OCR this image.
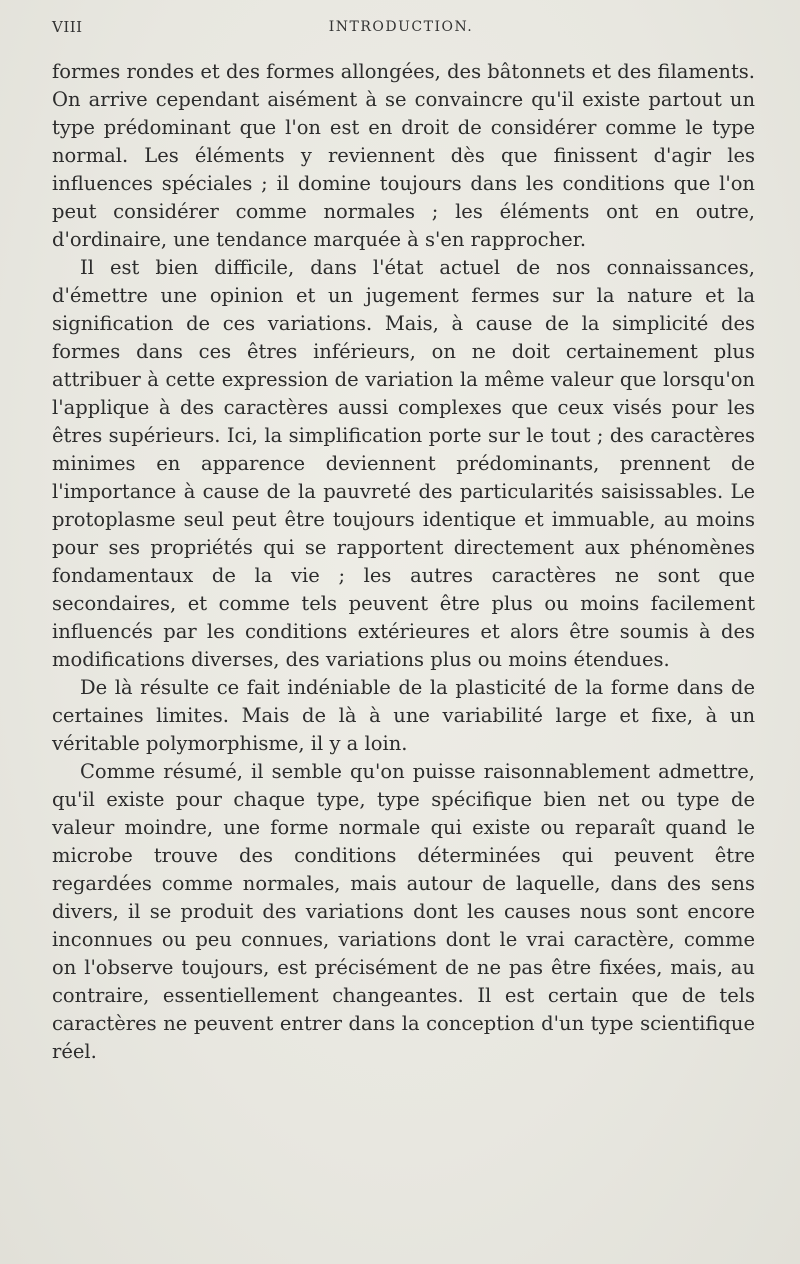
VIII	INTRODUCTION.

formes rondes et des formes allongées, des bâtonnets et des filaments. On arrive cependant aisément à se convaincre qu'il existe partout un type prédominant que l'on est en droit de considérer comme le type normal. Les éléments y reviennent dès que finissent d'agir les influences spéciales ; il domine toujours dans les conditions que l'on peut considérer comme normales ; les éléments ont en outre, d'ordinaire, une tendance marquée à s'en rapprocher.

Il est bien difficile, dans l'état actuel de nos connaissances, d'émettre une opinion et un jugement fermes sur la nature et la signification de ces variations. Mais, à cause de la simplicité des formes dans ces êtres inférieurs, on ne doit certainement plus attribuer à cette expression de variation la même valeur que lorsqu'on l'applique à des caractères aussi complexes que ceux visés pour les êtres supérieurs. Ici, la simplification porte sur le tout ; des caractères minimes en apparence deviennent prédominants, prennent de l'importance à cause de la pauvreté des particularités saisissables. Le protoplasme seul peut être toujours identique et immuable, au moins pour ses propriétés qui se rapportent directement aux phénomènes fondamentaux de la vie ; les autres caractères ne sont que secondaires, et comme tels peuvent être plus ou moins facilement influencés par les conditions extérieures et alors être soumis à des modifications diverses, des variations plus ou moins étendues.

De là résulte ce fait indéniable de la plasticité de la forme dans de certaines limites. Mais de là à une variabilité large et fixe, à un véritable polymorphisme, il y a loin.

Comme résumé, il semble qu'on puisse raisonnablement admettre, qu'il existe pour chaque type, type spécifique bien net ou type de valeur moindre, une forme normale qui existe ou reparaît quand le microbe trouve des conditions déterminées qui peuvent être regardées comme normales, mais autour de laquelle, dans des sens divers, il se produit des variations dont les causes nous sont encore inconnues ou peu connues, variations dont le vrai caractère, comme on l'observe toujours, est précisément de ne pas être fixées, mais, au contraire, essentiellement changeantes. Il est certain que de tels caractères ne peuvent entrer dans la conception d'un type scientifique réel.
